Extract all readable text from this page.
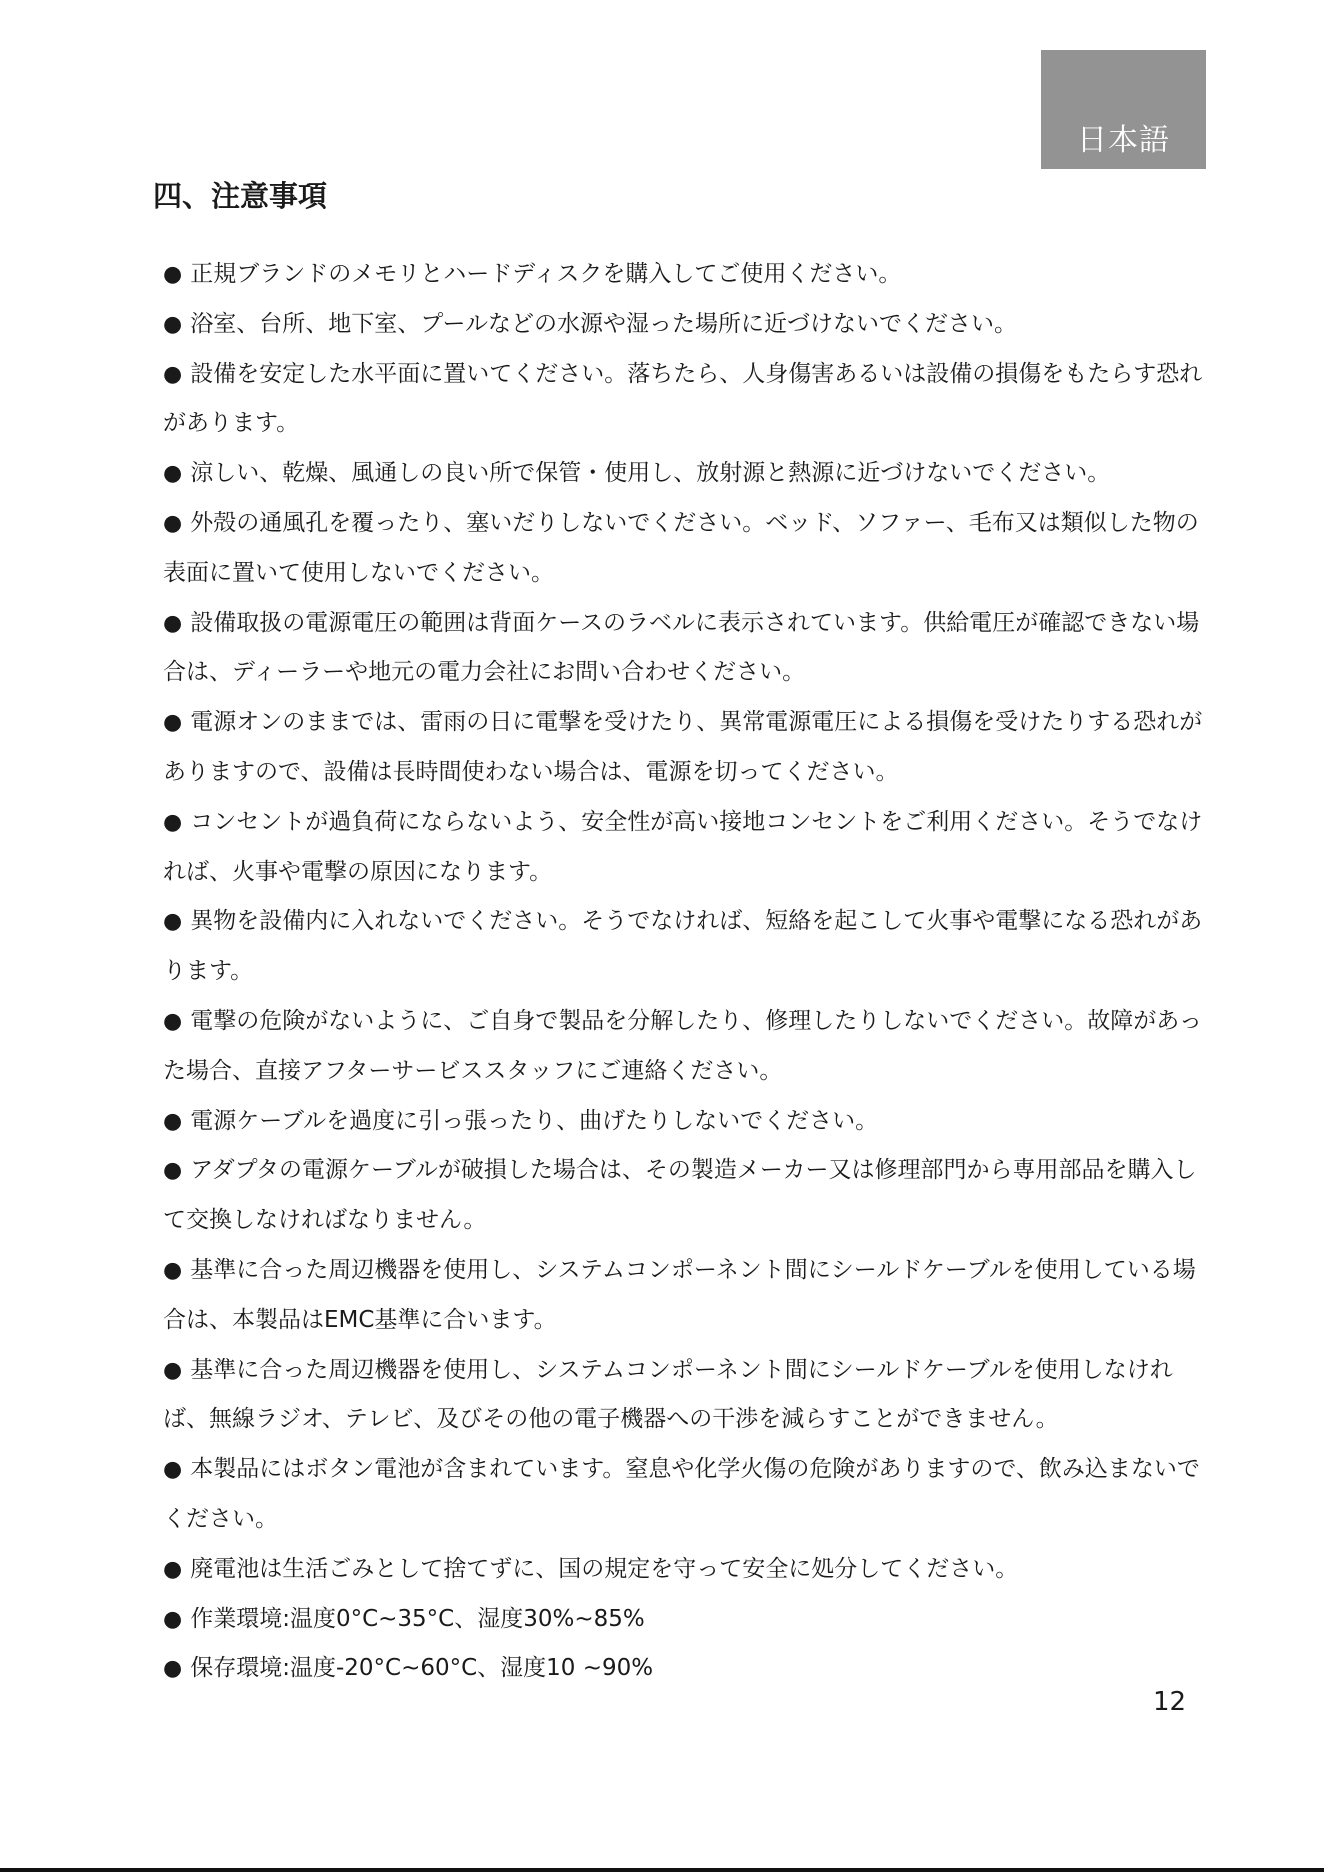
日本語
四、注意事項
● 正規ブランドのメモリとハードディスクを購入してご使用ください。
● 浴室、台所、地下室、プールなどの水源や湿った場所に近づけないでください。
● 設備を安定した水平面に置いてください。落ちたら、人身傷害あるいは設備の損傷をもたらす恐れがあります。
● 涼しい、乾燥、風通しの良い所で保管・使用し、放射源と熱源に近づけないでください。
● 外殻の通風孔を覆ったり、塞いだりしないでください。ベッド、ソファー、毛布又は類似した物の表面に置いて使用しないでください。
● 設備取扱の電源電圧の範囲は背面ケースのラベルに表示されています。供給電圧が確認できない場合は、ディーラーや地元の電力会社にお問い合わせください。
● 電源オンのままでは、雷雨の日に電撃を受けたり、異常電源電圧による損傷を受けたりする恐れがありますので、設備は長時間使わない場合は、電源を切ってください。
● コンセントが過負荷にならないよう、安全性が高い接地コンセントをご利用ください。そうでなければ、火事や電撃の原因になります。
● 異物を設備内に入れないでください。そうでなければ、短絡を起こして火事や電撃になる恐れがあります。
● 電撃の危険がないように、ご自身で製品を分解したり、修理したりしないでください。故障があった場合、直接アフターサービススタッフにご連絡ください。
● 電源ケーブルを過度に引っ張ったり、曲げたりしないでください。
● アダプタの電源ケーブルが破損した場合は、その製造メーカー又は修理部門から専用部品を購入して交換しなければなりません。
● 基準に合った周辺機器を使用し、システムコンポーネント間にシールドケーブルを使用している場合は、本製品はEMC基準に合います。
● 基準に合った周辺機器を使用し、システムコンポーネント間にシールドケーブルを使用しなければ、無線ラジオ、テレビ、及びその他の電子機器への干渉を減らすことができません。
● 本製品にはボタン電池が含まれています。窒息や化学火傷の危険がありますので、飲み込まないでください。
● 廃電池は生活ごみとして捨てずに、国の規定を守って安全に処分してください。
● 作業環境:温度0°C~35°C、湿度30%~85%
● 保存環境:温度-20°C~60°C、湿度10 ~90%
12
